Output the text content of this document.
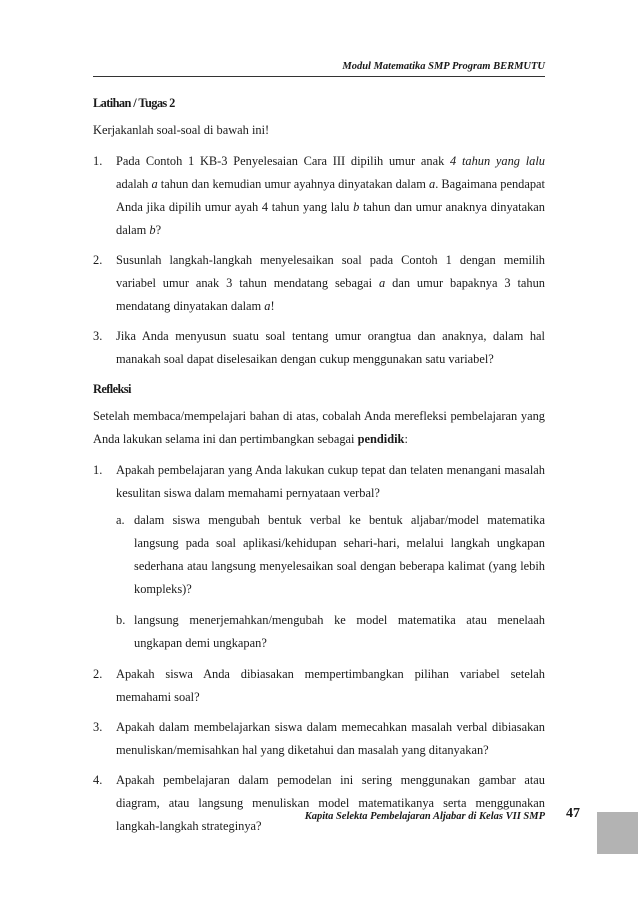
Modul Matematika SMP Program BERMUTU

Latihan / Tugas 2

Kerjakanlah soal-soal di bawah ini!

1. Pada Contoh 1 KB-3 Penyelesaian Cara III dipilih umur anak 4 tahun yang lalu adalah a tahun dan kemudian umur ayahnya dinyatakan dalam a. Bagaimana pendapat Anda jika dipilih umur ayah 4 tahun yang lalu b tahun dan umur anaknya dinyatakan dalam b?
2. Susunlah langkah-langkah menyelesaikan soal pada Contoh 1 dengan memilih variabel umur anak 3 tahun mendatang sebagai a dan umur bapaknya 3 tahun mendatang dinyatakan dalam a!
3. Jika Anda menyusun suatu soal tentang umur orangtua dan anaknya, dalam hal manakah soal dapat diselesaikan dengan cukup menggunakan satu variabel?

Refleksi

Setelah membaca/mempelajari bahan di atas, cobalah Anda merefleksi pembelajaran yang Anda lakukan selama ini dan pertimbangkan sebagai pendidik:

1. Apakah pembelajaran yang Anda lakukan cukup tepat dan telaten menangani masalah kesulitan siswa dalam memahami pernyataan verbal?
a. dalam siswa mengubah bentuk verbal ke bentuk aljabar/model matematika langsung pada soal aplikasi/kehidupan sehari-hari, melalui langkah ungkapan sederhana atau langsung menyelesaikan soal dengan beberapa kalimat (yang lebih kompleks)?
b. langsung menerjemahkan/mengubah ke model matematika atau menelaah ungkapan demi ungkapan?
2. Apakah siswa Anda dibiasakan mempertimbangkan pilihan variabel setelah memahami soal?
3. Apakah dalam membelajarkan siswa dalam memecahkan masalah verbal dibiasakan menuliskan/memisahkan hal yang diketahui dan masalah yang ditanyakan?
4. Apakah pembelajaran dalam pemodelan ini sering menggunakan gambar atau diagram, atau langsung menuliskan model matematikanya serta menggunakan langkah-langkah strateginya?
Kapita Selekta Pembelajaran Aljabar di Kelas VII SMP 47
